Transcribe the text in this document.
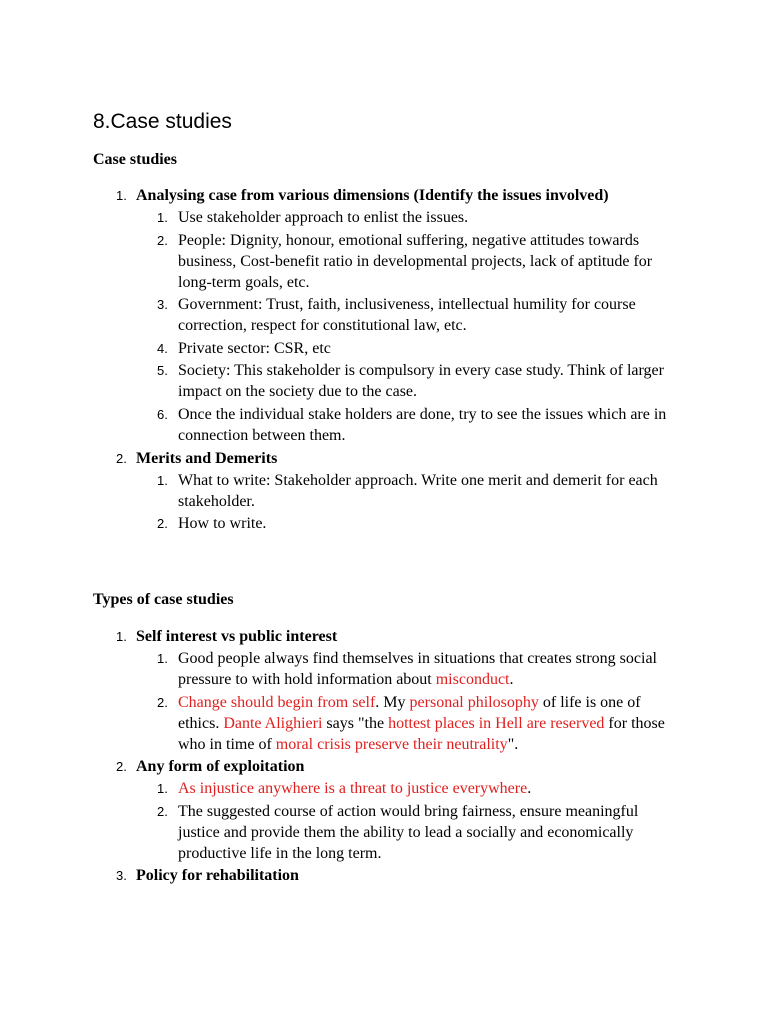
8.Case studies
Case studies
1. Analysing case from various dimensions (Identify the issues involved)
1. Use stakeholder approach to enlist the issues.
2. People: Dignity, honour, emotional suffering, negative attitudes towards business, Cost-benefit ratio in developmental projects, lack of aptitude for long-term goals, etc.
3. Government: Trust, faith, inclusiveness, intellectual humility for course correction, respect for constitutional law, etc.
4. Private sector: CSR, etc
5. Society: This stakeholder is compulsory in every case study. Think of larger impact on the society due to the case.
6. Once the individual stake holders are done, try to see the issues which are in connection between them.
2. Merits and Demerits
1. What to write: Stakeholder approach. Write one merit and demerit for each stakeholder.
2. How to write.
Types of case studies
1. Self interest vs public interest
1. Good people always find themselves in situations that creates strong social pressure to with hold information about misconduct.
2. Change should begin from self. My personal philosophy of life is one of ethics. Dante Alighieri says "the hottest places in Hell are reserved for those who in time of moral crisis preserve their neutrality".
2. Any form of exploitation
1. As injustice anywhere is a threat to justice everywhere.
2. The suggested course of action would bring fairness, ensure meaningful justice and provide them the ability to lead a socially and economically productive life in the long term.
3. Policy for rehabilitation
